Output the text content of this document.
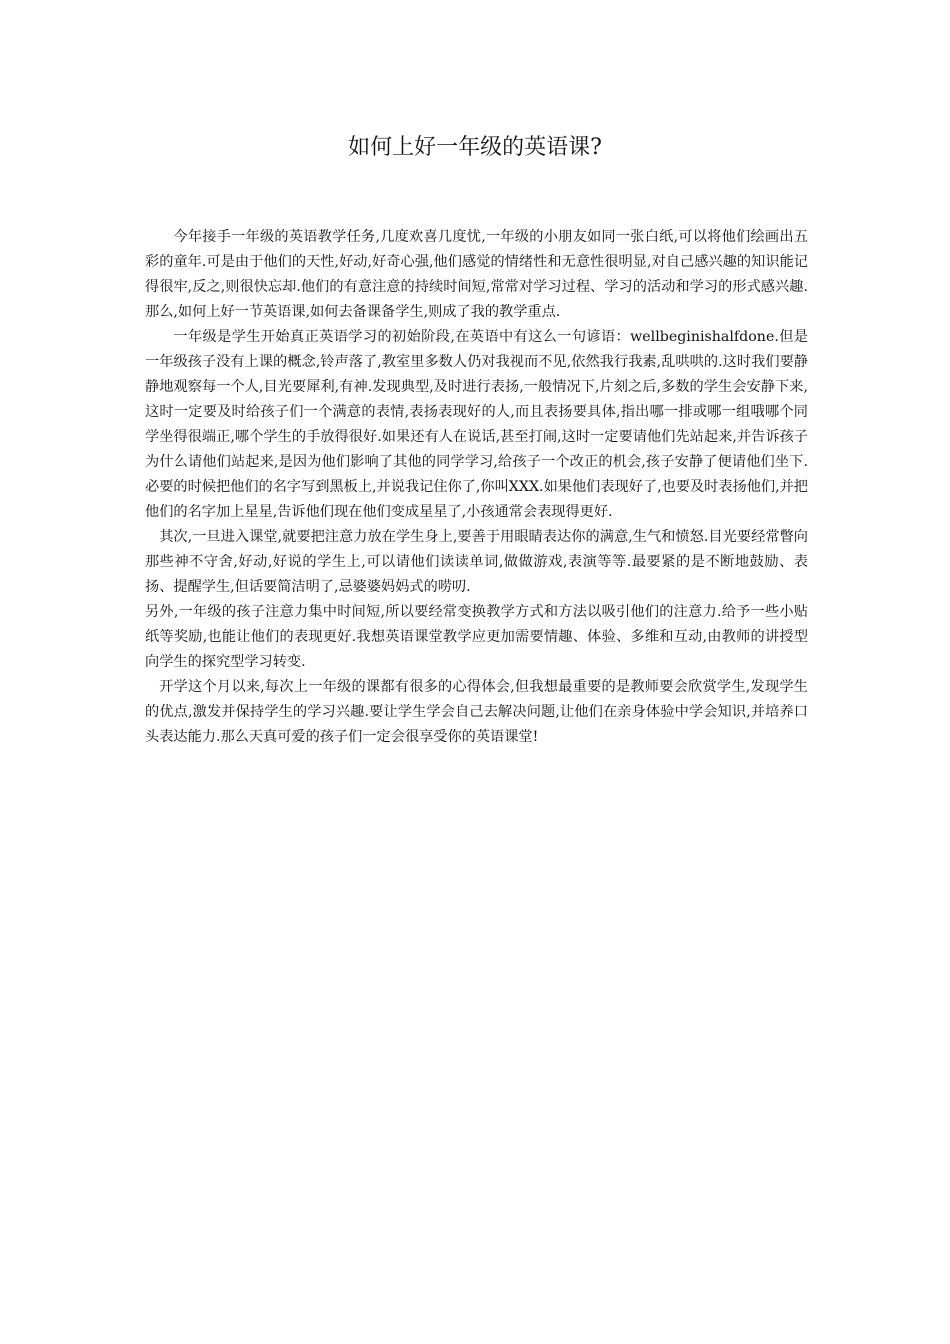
如何上好一年级的英语课?

今年接手一年级的英语教学任务,几度欢喜几度忧,一年级的小朋友如同一张白纸,可以将他们绘画出五彩的童年.可是由于他们的天性,好动,好奇心强,他们感觉的情绪性和无意性很明显,对自己感兴趣的知识能记得很牢,反之,则很快忘却.他们的有意注意的持续时间短,常常对学习过程、学习的活动和学习的形式感兴趣.那么,如何上好一节英语课,如何去备课备学生,则成了我的教学重点.

一年级是学生开始真正英语学习的初始阶段,在英语中有这么一句谚语：wellbeginishalfdone.但是一年级孩子没有上课的概念,铃声落了,教室里多数人仍对我视而不见,依然我行我素,乱哄哄的.这时我们要静静地观察每一个人,目光要犀利,有神.发现典型,及时进行表扬,一般情况下,片刻之后,多数的学生会安静下来,这时一定要及时给孩子们一个满意的表情,表扬表现好的人,而且表扬要具体,指出哪一排或哪一组哦哪个同学坐得很端正,哪个学生的手放得很好.如果还有人在说话,甚至打闹,这时一定要请他们先站起来,并告诉孩子为什么请他们站起来,是因为他们影响了其他的同学学习,给孩子一个改正的机会,孩子安静了便请他们坐下.必要的时候把他们的名字写到黑板上,并说我记住你了,你叫XXX.如果他们表现好了,也要及时表扬他们,并把他们的名字加上星星,告诉他们现在他们变成星星了,小孩通常会表现得更好.

其次,一旦进入课堂,就要把注意力放在学生身上,要善于用眼睛表达你的满意,生气和愤怒.目光要经常瞥向那些神不守舍,好动,好说的学生上,可以请他们读读单词,做做游戏,表演等等.最要紧的是不断地鼓励、表扬、提醒学生,但话要简洁明了,忌婆婆妈妈式的唠叨.

另外,一年级的孩子注意力集中时间短,所以要经常变换教学方式和方法以吸引他们的注意力.给予一些小贴纸等奖励,也能让他们的表现更好.我想英语课堂教学应更加需要情趣、体验、多维和互动,由教师的讲授型向学生的探究型学习转变.

开学这个月以来,每次上一年级的课都有很多的心得体会,但我想最重要的是教师要会欣赏学生,发现学生的优点,激发并保持学生的学习兴趣.要让学生学会自己去解决问题,让他们在亲身体验中学会知识,并培养口头表达能力.那么天真可爱的孩子们一定会很享受你的英语课堂!
